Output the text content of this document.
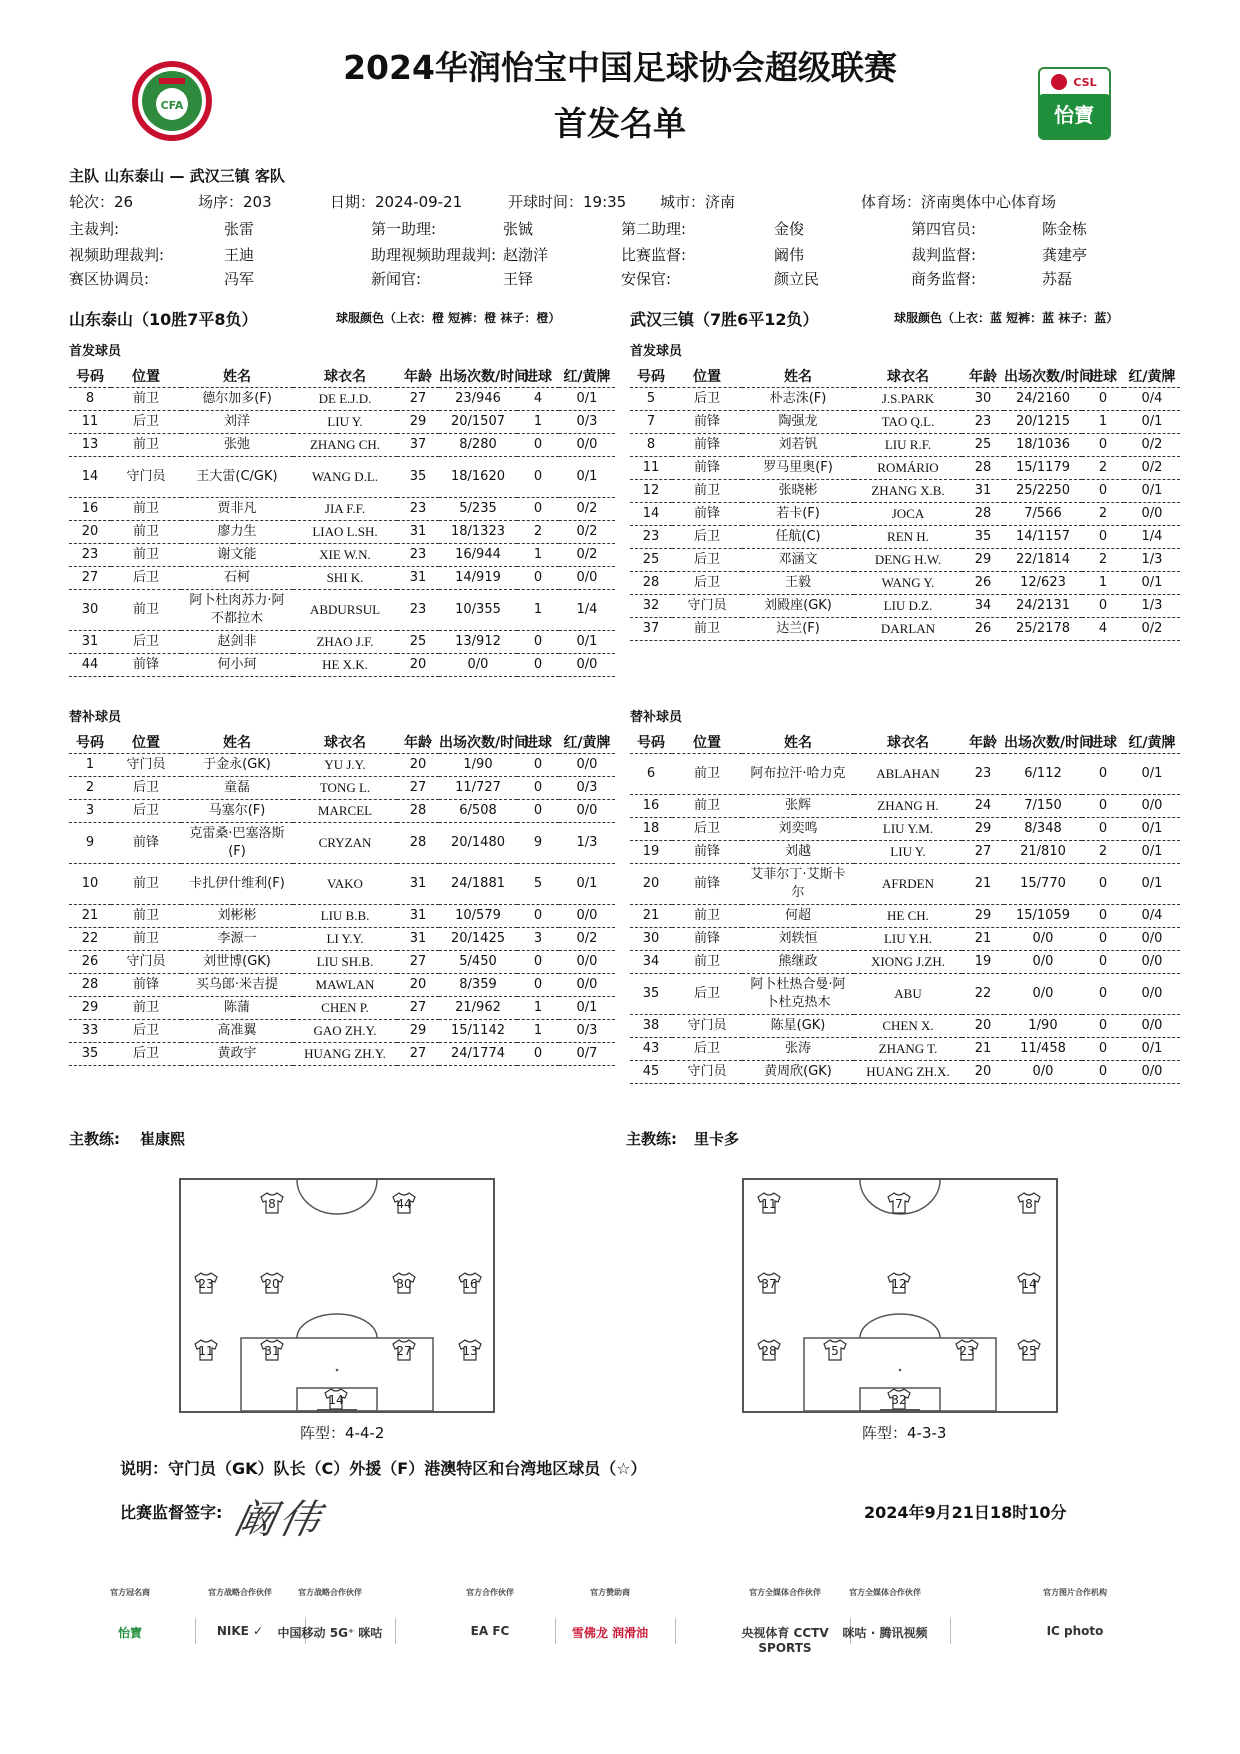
CFA
2024华润怡宝中国足球协会超级联赛
首发名单
CSL
怡寶
主队 山东泰山 — 武汉三镇 客队
轮次：26	场序：203	日期：2024-09-21	开球时间：19:35 城市：济南	体育场：济南奥体中心体育场
主裁判:	张雷	第一助理:	张铖	第二助理:	金俊	第四官员:	陈金栋
视频助理裁判:	王迪	助理视频助理裁判: 赵渤洋	比赛监督:	阚伟	裁判监督:	龚建亭
赛区协调员:	冯军	新闻官:	王铎	安保官:	颜立民	商务监督:	苏磊
山东泰山（10胜7平8负）	球服颜色（上衣：橙 短裤：橙 袜子：橙）	武汉三镇（7胜6平12负）	球服颜色（上衣：蓝 短裤：蓝 袜子：蓝）
首发球员	首发球员
号码	位置	姓名	球衣名	年龄	出场次数/时间	进球	红/黄牌
8	前卫	德尔加多(F)	DE E.J.D.	27	23/946	4	0/1
11	后卫	刘洋	LIU Y.	29	20/1507	1	0/3
13	前卫	张弛	ZHANG CH.	37	8/280	0	0/0
14	守门员	王大雷(C/GK)	WANG D.L.	35	18/1620	0	0/1
16	前卫	贾非凡	JIA F.F.	23	5/235	0	0/2
20	前卫	廖力生	LIAO L.SH.	31	18/1323	2	0/2
23	前卫	谢文能	XIE W.N.	23	16/944	1	0/2
27	后卫	石柯	SHI K.	31	14/919	0	0/0
30	前卫	阿卜杜肉苏力·阿不都拉木	ABDURSUL	23	10/355	1	1/4
31	后卫	赵剑非	ZHAO J.F.	25	13/912	0	0/1
44	前锋	何小珂	HE X.K.	20	0/0	0	0/0
号码	位置	姓名	球衣名	年龄	出场次数/时间	进球	红/黄牌
5	后卫	朴志洙(F)	J.S.PARK	30	24/2160	0	0/4
7	前锋	陶强龙	TAO Q.L.	23	20/1215	1	0/1
8	前锋	刘若钒	LIU R.F.	25	18/1036	0	0/2
11	前锋	罗马里奥(F)	ROMÁRIO	28	15/1179	2	0/2
12	前卫	张晓彬	ZHANG X.B.	31	25/2250	0	0/1
14	前锋	若卡(F)	JOCA	28	7/566	2	0/0
23	后卫	任航(C)	REN H.	35	14/1157	0	1/4
25	后卫	邓涵文	DENG H.W.	29	22/1814	2	1/3
28	后卫	王毅	WANG Y.	26	12/623	1	0/1
32	守门员	刘殿座(GK)	LIU D.Z.	34	24/2131	0	1/3
37	前卫	达兰(F)	DARLAN	26	25/2178	4	0/2
替补球员	替补球员
号码	位置	姓名	球衣名	年龄	出场次数/时间	进球	红/黄牌
1	守门员	于金永(GK)	YU J.Y.	20	1/90	0	0/0
2	后卫	童磊	TONG L.	27	11/727	0	0/3
3	后卫	马塞尔(F)	MARCEL	28	6/508	0	0/0
9	前锋	克雷桑·巴塞洛斯(F)	CRYZAN	28	20/1480	9	1/3
10	前卫	卡扎伊什维利(F)	VAKO	31	24/1881	5	0/1
21	前卫	刘彬彬	LIU B.B.	31	10/579	0	0/0
22	前卫	李源一	LI Y.Y.	31	20/1425	3	0/2
26	守门员	刘世博(GK)	LIU SH.B.	27	5/450	0	0/0
28	前锋	买乌郎·米吉提	MAWLAN	20	8/359	0	0/0
29	前卫	陈蒲	CHEN P.	27	21/962	1	0/1
33	后卫	高准翼	GAO ZH.Y.	29	15/1142	1	0/3
35	后卫	黄政宇	HUANG ZH.Y.	27	24/1774	0	0/7
号码	位置	姓名	球衣名	年龄	出场次数/时间	进球	红/黄牌
6	前卫	阿布拉汗·哈力克	ABLAHAN	23	6/112	0	0/1
16	前卫	张辉	ZHANG H.	24	7/150	0	0/0
18	后卫	刘奕鸣	LIU Y.M.	29	8/348	0	0/1
19	前锋	刘越	LIU Y.	27	21/810	2	0/1
20	前锋	艾菲尔丁·艾斯卡尔	AFRDEN	21	15/770	0	0/1
21	前卫	何超	HE CH.	29	15/1059	0	0/4
30	前锋	刘轶恒	LIU Y.H.	21	0/0	0	0/0
34	前卫	熊继政	XIONG J.ZH.	19	0/0	0	0/0
35	后卫	阿卜杜热合曼·阿卜杜克热木	ABU	22	0/0	0	0/0
38	守门员	陈星(GK)	CHEN X.	20	1/90	0	0/0
43	后卫	张涛	ZHANG T.	21	11/458	0	0/1
45	守门员	黄周欣(GK)	HUANG ZH.X.	20	0/0	0	0/0
主教练: 崔康熙	主教练: 里卡多
8	44
23	20	30	16
11	31	27	13
14
11	7	8
37	12	14
28	5	23	25
32
阵型：4-4-2	阵型：4-3-3
说明：守门员（GK）队长（C）外援（F）港澳特区和台湾地区球员（☆）
比赛监督签字: 阚伟	2024年9月21日18时10分
官方冠名商
怡寶
官方战略合作伙伴
NIKE ✓
官方战略合作伙伴
中国移动 5G⁺ 咪咕
官方合作伙伴
EA FC
官方赞助商
雪佛龙 润滑油
官方全媒体合作伙伴
央视体育 CCTV SPORTS
官方全媒体合作伙伴
咪咕 · 腾讯视频
官方图片合作机构
IC photo
